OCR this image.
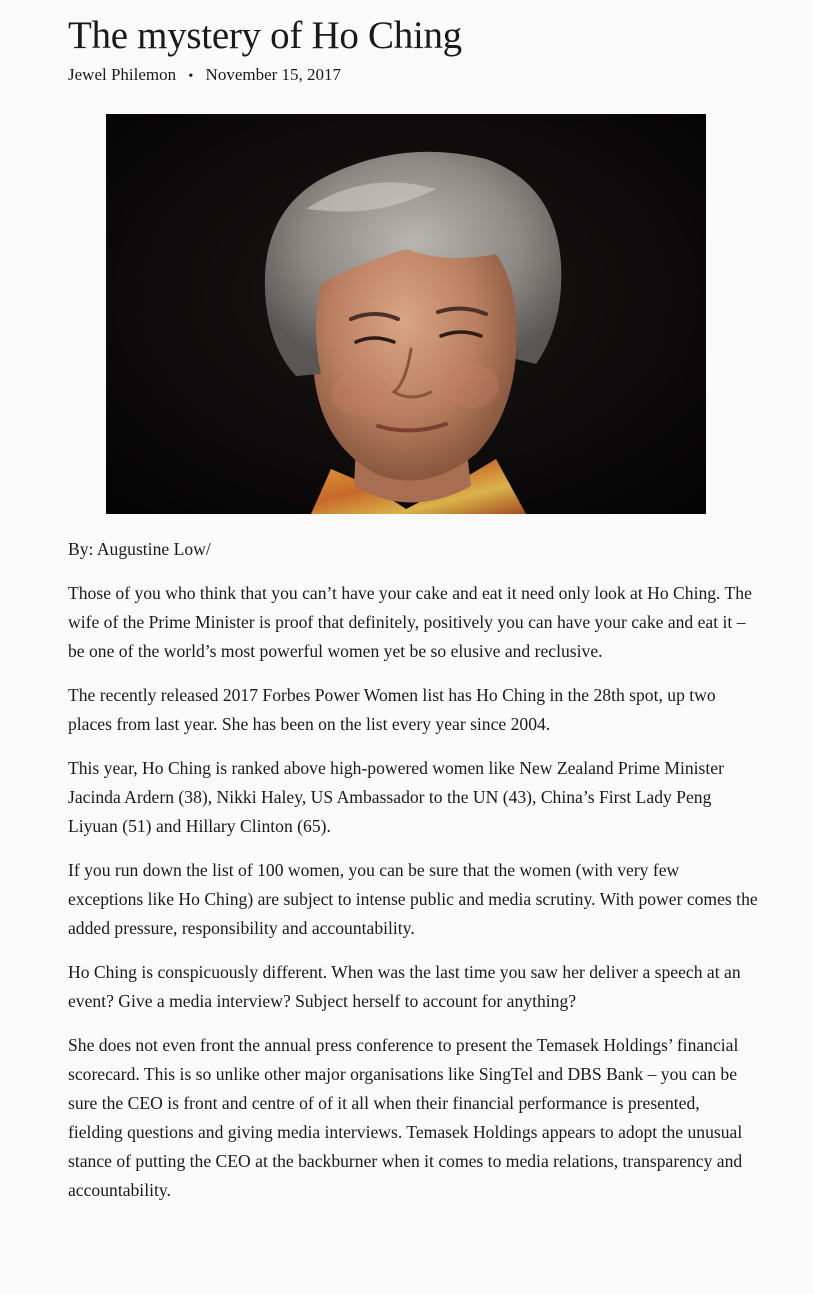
The mystery of Ho Ching
Jewel Philemon • November 15, 2017

By: Augustine Low/

Those of you who think that you can’t have your cake and eat it need only look at Ho Ching. The wife of the Prime Minister is proof that definitely, positively you can have your cake and eat it – be one of the world’s most powerful women yet be so elusive and reclusive.

The recently released 2017 Forbes Power Women list has Ho Ching in the 28th spot, up two places from last year. She has been on the list every year since 2004.

This year, Ho Ching is ranked above high-powered women like New Zealand Prime Minister Jacinda Ardern (38), Nikki Haley, US Ambassador to the UN (43), China’s First Lady Peng Liyuan (51) and Hillary Clinton (65).

If you run down the list of 100 women, you can be sure that the women (with very few exceptions like Ho Ching) are subject to intense public and media scrutiny. With power comes the added pressure, responsibility and accountability.

Ho Ching is conspicuously different. When was the last time you saw her deliver a speech at an event? Give a media interview? Subject herself to account for anything?

She does not even front the annual press conference to present the Temasek Holdings’ financial scorecard. This is so unlike other major organisations like SingTel and DBS Bank – you can be sure the CEO is front and centre of of it all when their financial performance is presented, fielding questions and giving media interviews. Temasek Holdings appears to adopt the unusual stance of putting the CEO at the backburner when it comes to media relations, transparency and accountability.
